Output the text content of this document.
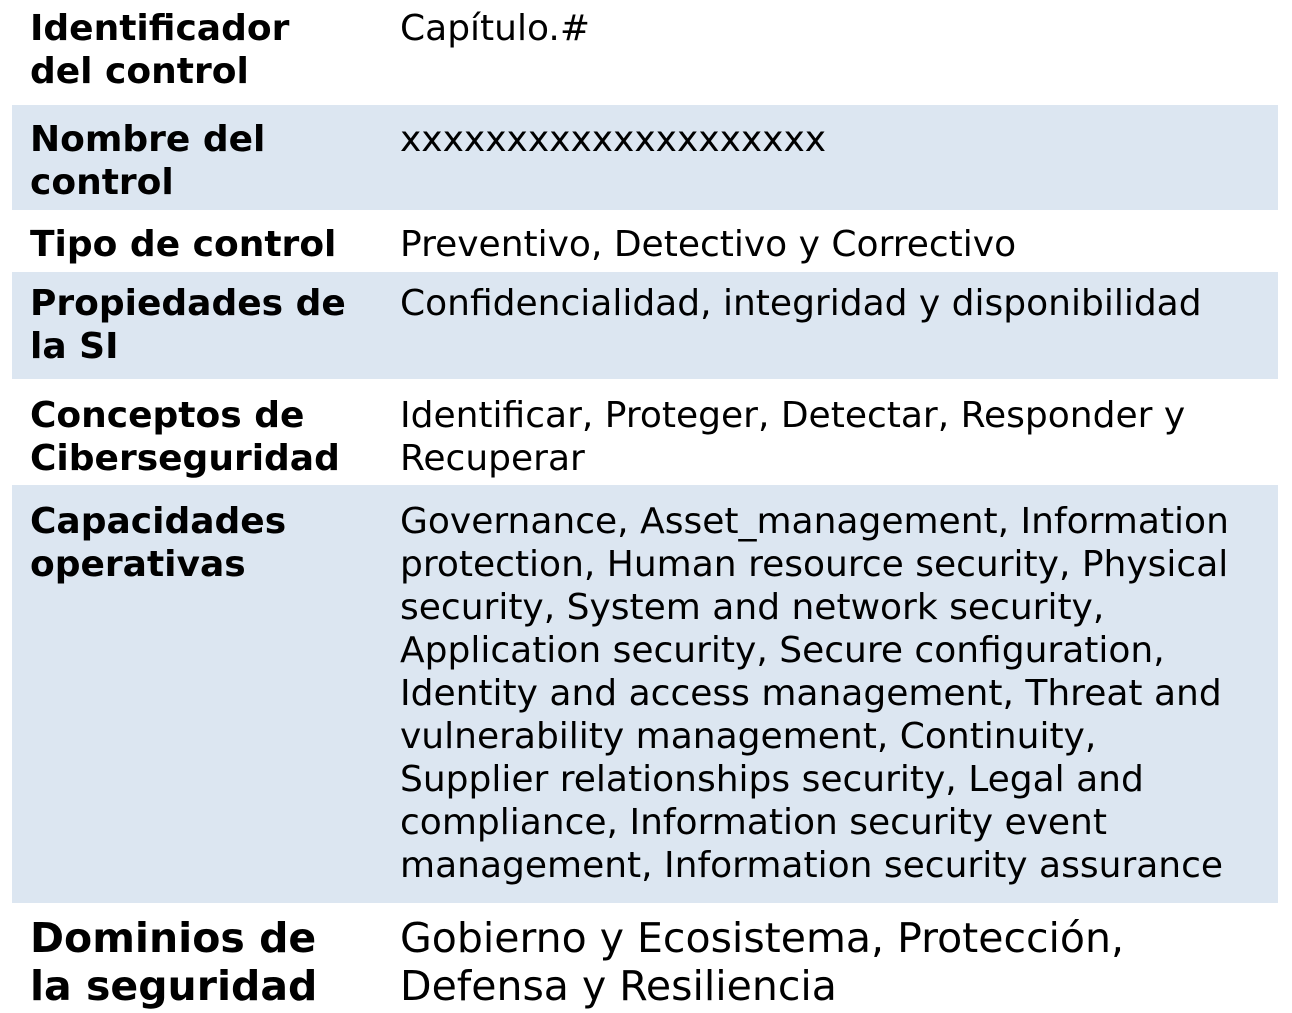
Identificador
del control
Capítulo.#
Nombre del
control
xxxxxxxxxxxxxxxxxxxx
Tipo de control	Preventivo, Detectivo y Correctivo
Propiedades de
la SI
Confidencialidad, integridad y disponibilidad
Conceptos de
Ciberseguridad
Identificar, Proteger, Detectar, Responder y
Recuperar
Capacidades
operativas
Governance, Asset_management, Information
protection, Human resource security, Physical
security, System and network security,
Application security, Secure configuration,
Identity and access management, Threat and
vulnerability management, Continuity,
Supplier relationships security, Legal and
compliance, Information security event
management, Information security assurance
Dominios de
la seguridad
Gobierno y Ecosistema, Protección,
Defensa y Resiliencia
